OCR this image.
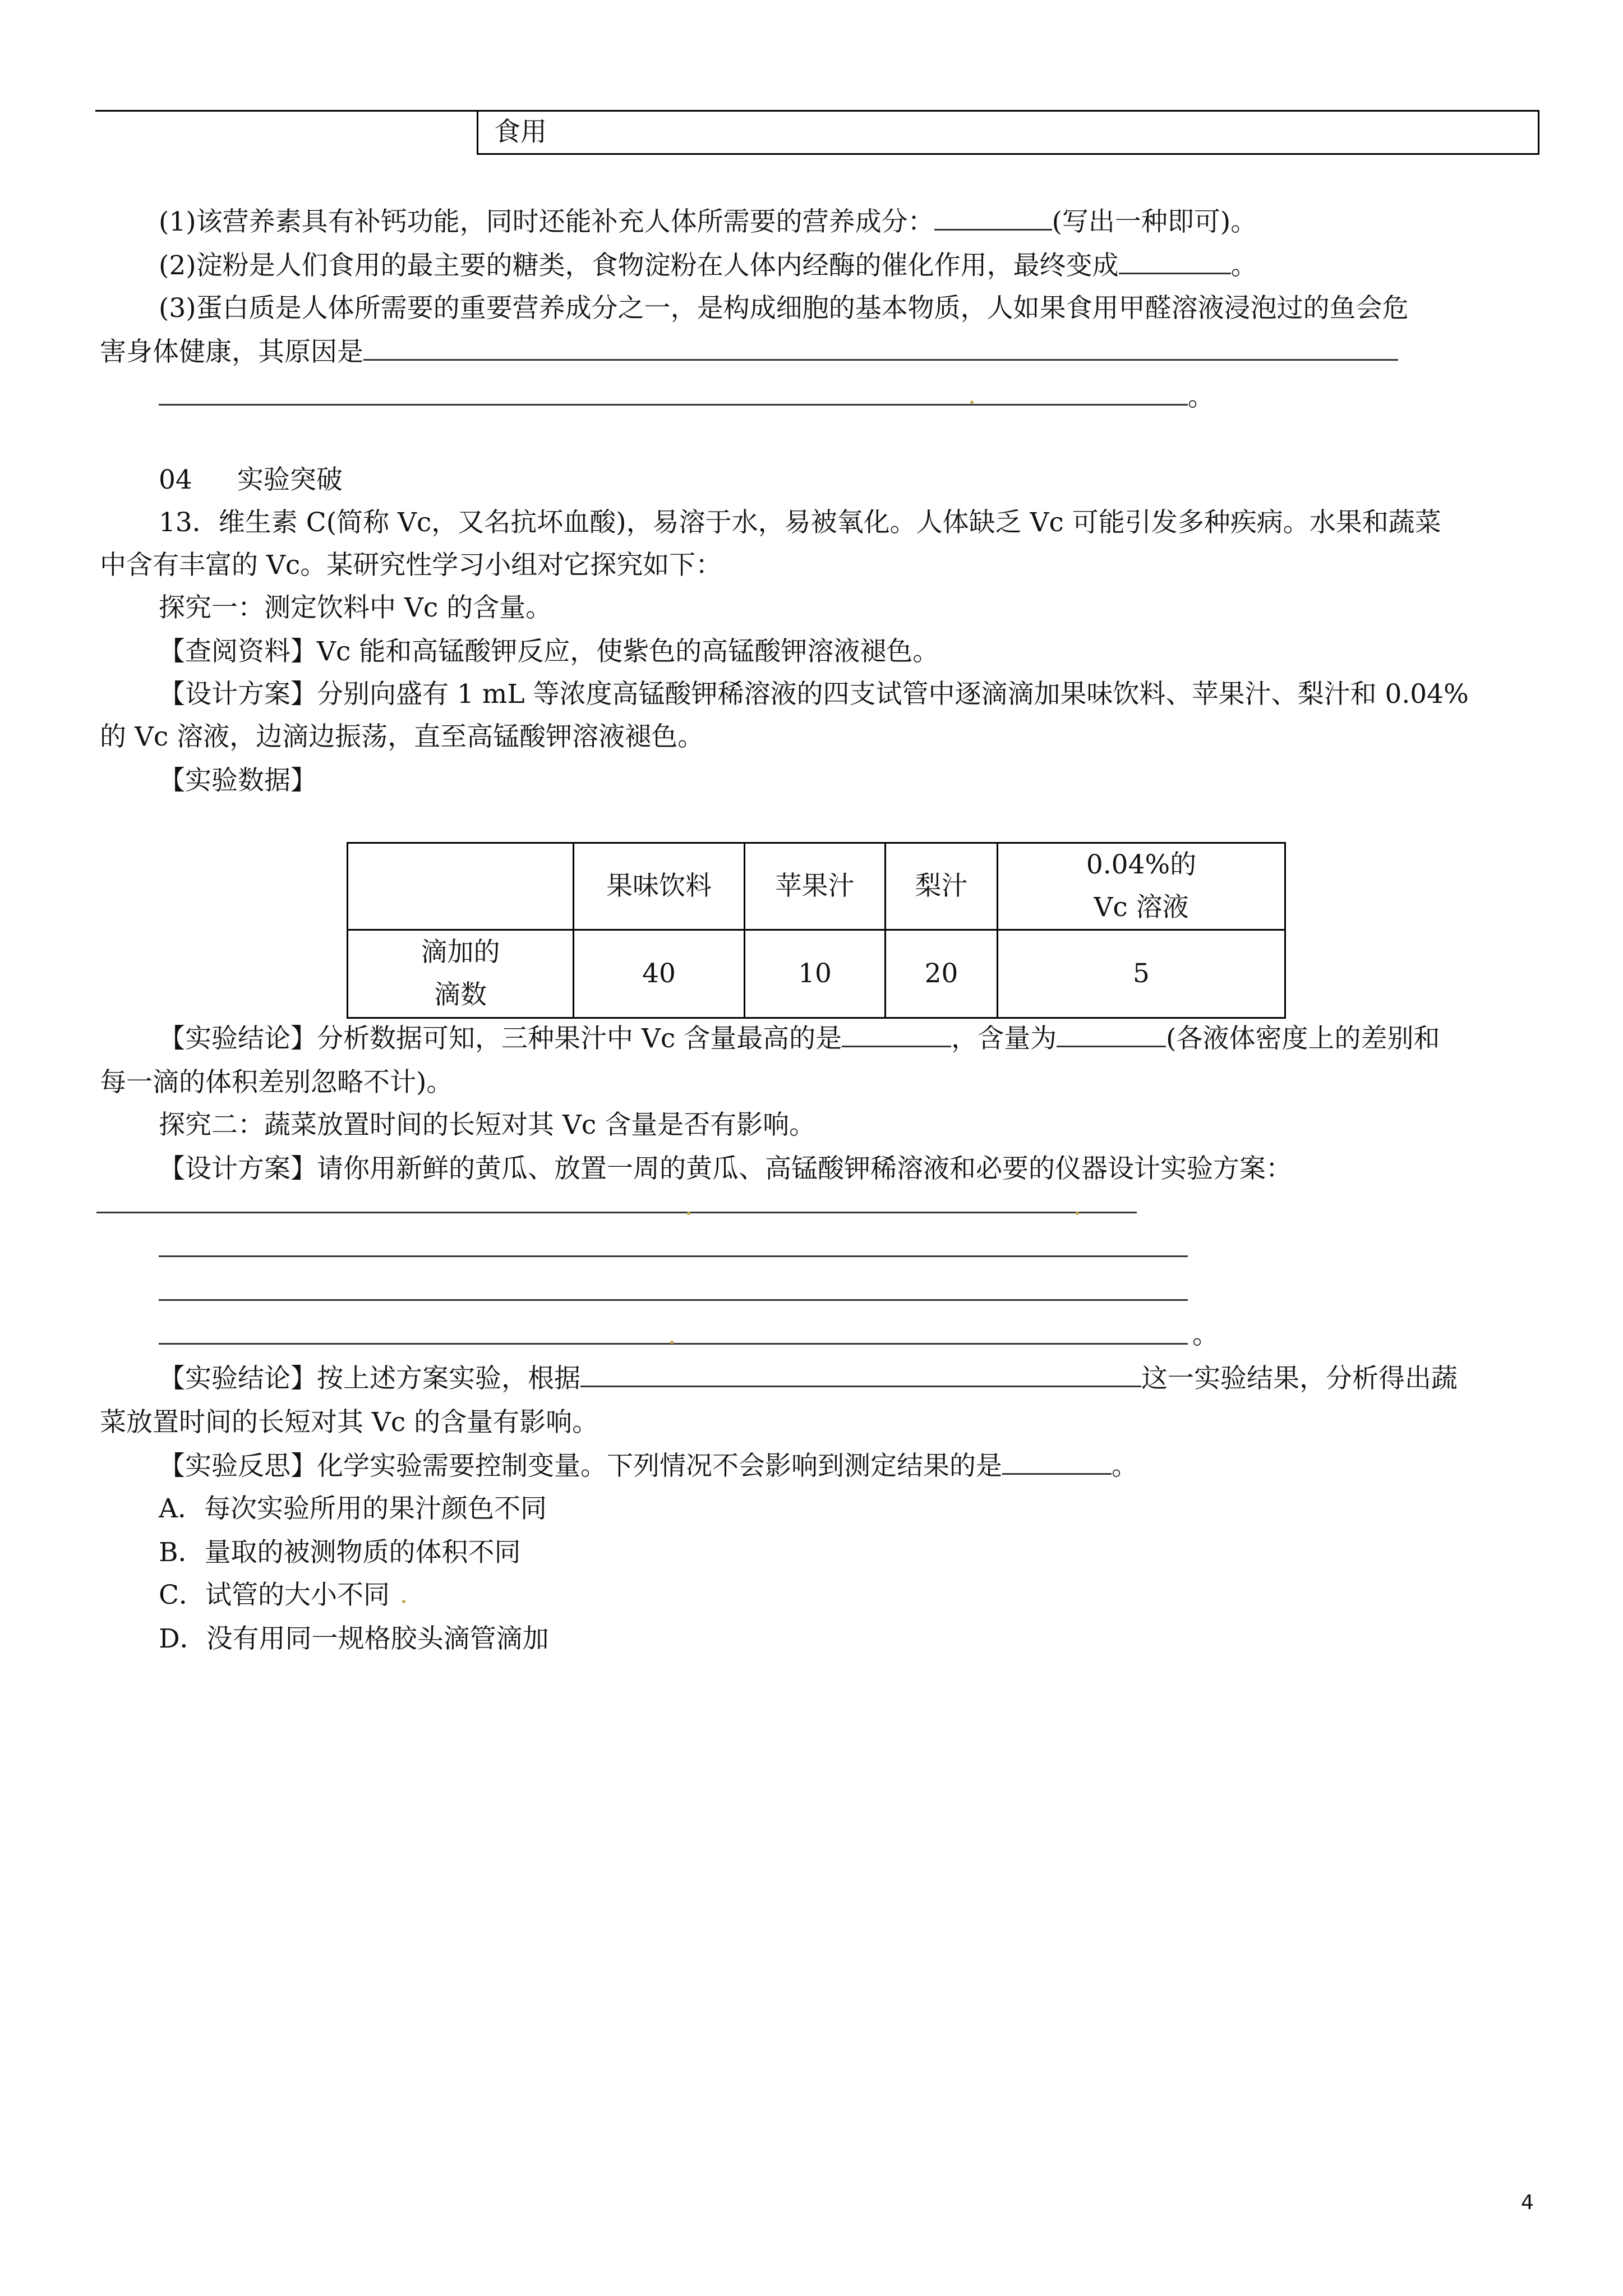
食用
(1)该营养素具有补钙功能，同时还能补充人体所需要的营养成分：	(写出一种即可)。
(2)淀粉是人们食用的最主要的糖类，食物淀粉在人体内经酶的催化作用，最终变成	。
(3)蛋白质是人体所需要的重要营养成分之一，是构成细胞的基本物质，人如果食用甲醛溶液浸泡过的鱼会危
害身体健康，其原因是
。
04 实验突破
13．维生素 C(简称 Vc，又名抗坏血酸)，易溶于水，易被氧化。人体缺乏 Vc 可能引发多种疾病。水果和蔬菜
中含有丰富的 Vc。某研究性学习小组对它探究如下：
探究一：测定饮料中 Vc 的含量。
【查阅资料】Vc 能和高锰酸钾反应，使紫色的高锰酸钾溶液褪色。
【设计方案】分别向盛有 1 mL 等浓度高锰酸钾稀溶液的四支试管中逐滴滴加果味饮料、苹果汁、梨汁和 0.04%
的 Vc 溶液，边滴边振荡，直至高锰酸钾溶液褪色。
【实验数据】
	果味饮料	苹果汁	梨汁	0.04%的
Vc 溶液

滴加的
滴数	40	10	20	5
【实验结论】分析数据可知，三种果汁中 Vc 含量最高的是	，含量为	(各液体密度上的差别和
每一滴的体积差别忽略不计)。
探究二：蔬菜放置时间的长短对其 Vc 含量是否有影响。
【设计方案】请你用新鲜的黄瓜、放置一周的黄瓜、高锰酸钾稀溶液和必要的仪器设计实验方案：
。
【实验结论】按上述方案实验，根据	这一实验结果，分析得出蔬
菜放置时间的长短对其 Vc 的含量有影响。
【实验反思】化学实验需要控制变量。下列情况不会影响到测定结果的是	。
A．每次实验所用的果汁颜色不同
B．量取的被测物质的体积不同
C．试管的大小不同
D．没有用同一规格胶头滴管滴加
4
